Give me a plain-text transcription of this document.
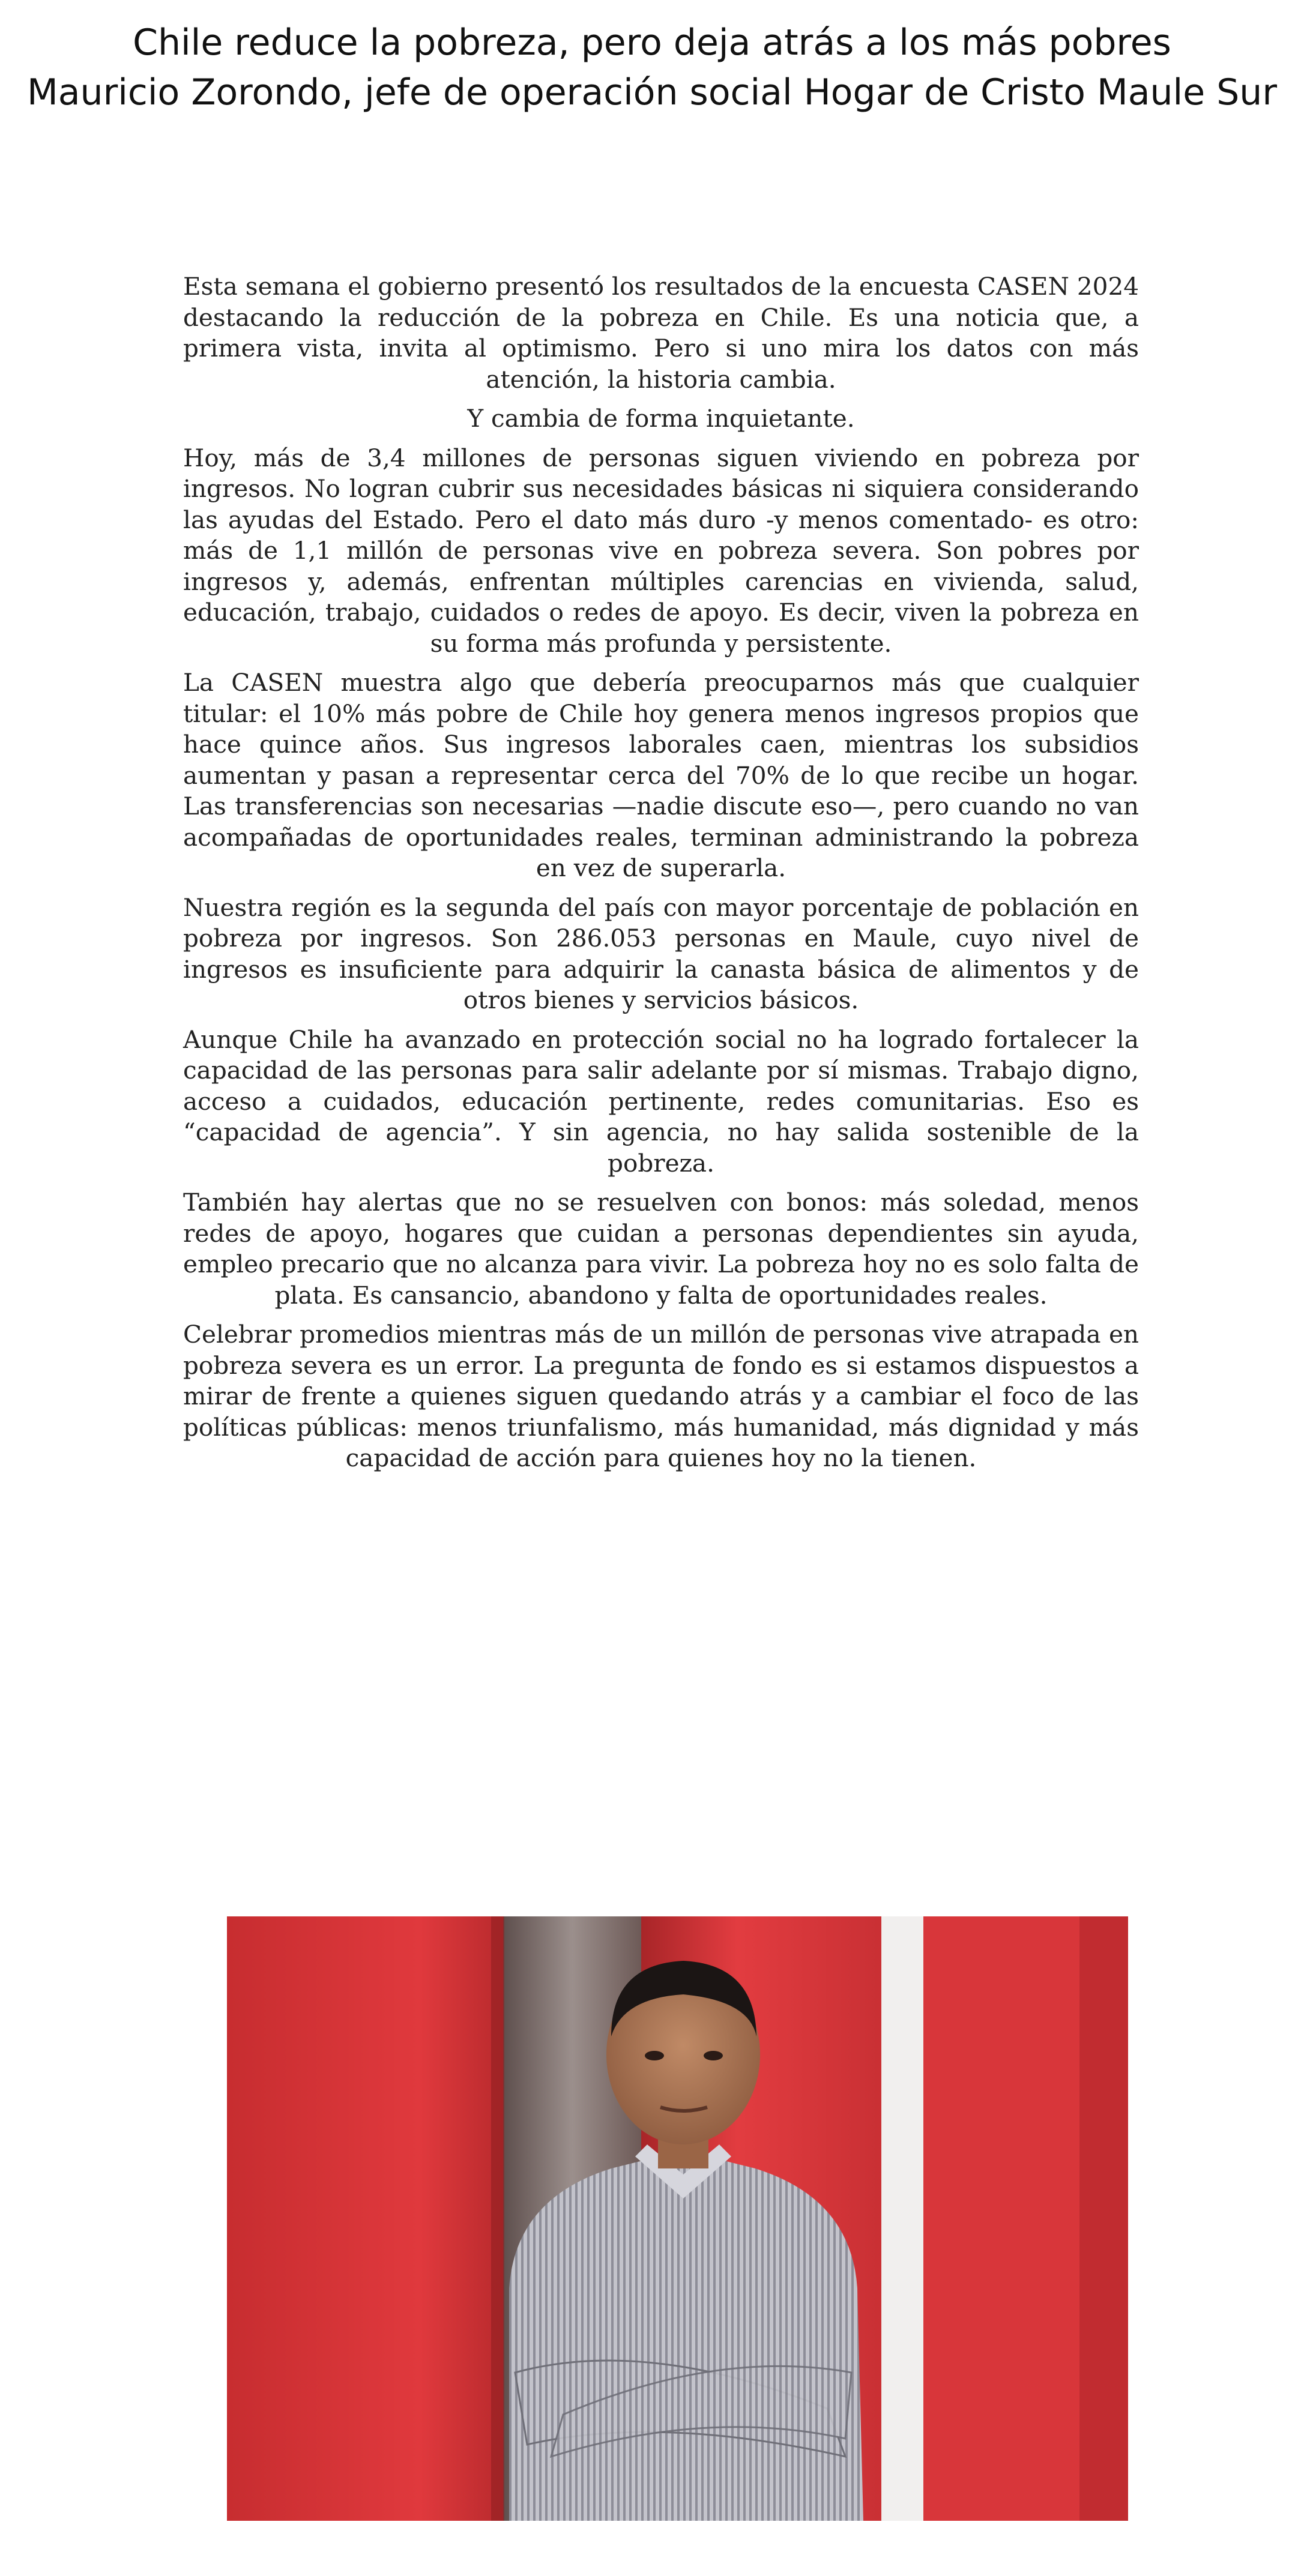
Chile reduce la pobreza, pero deja atrás a los más pobres
Mauricio Zorondo, jefe de operación social Hogar de Cristo Maule Sur

Esta semana el gobierno presentó los resultados de la encuesta CASEN 2024 destacando la reducción de la pobreza en Chile. Es una noticia que, a primera vista, invita al optimismo. Pero si uno mira los datos con más atención, la historia cambia.

Y cambia de forma inquietante.

Hoy, más de 3,4 millones de personas siguen viviendo en pobreza por ingresos. No logran cubrir sus necesidades básicas ni siquiera considerando las ayudas del Estado. Pero el dato más duro -y menos comentado- es otro: más de 1,1 millón de personas vive en pobreza severa. Son pobres por ingresos y, además, enfrentan múltiples carencias en vivienda, salud, educación, trabajo, cuidados o redes de apoyo. Es decir, viven la pobreza en su forma más profunda y persistente.

La CASEN muestra algo que debería preocuparnos más que cualquier titular: el 10% más pobre de Chile hoy genera menos ingresos propios que hace quince años. Sus ingresos laborales caen, mientras los subsidios aumentan y pasan a representar cerca del 70% de lo que recibe un hogar. Las transferencias son necesarias —nadie discute eso—, pero cuando no van acompañadas de oportunidades reales, terminan administrando la pobreza en vez de superarla.

Nuestra región es la segunda del país con mayor porcentaje de población en pobreza por ingresos. Son 286.053 personas en Maule, cuyo nivel de ingresos es insuficiente para adquirir la canasta básica de alimentos y de otros bienes y servicios básicos.

Aunque Chile ha avanzado en protección social no ha logrado fortalecer la capacidad de las personas para salir adelante por sí mismas. Trabajo digno, acceso a cuidados, educación pertinente, redes comunitarias. Eso es “capacidad de agencia”. Y sin agencia, no hay salida sostenible de la pobreza.

También hay alertas que no se resuelven con bonos: más soledad, menos redes de apoyo, hogares que cuidan a personas dependientes sin ayuda, empleo precario que no alcanza para vivir. La pobreza hoy no es solo falta de plata. Es cansancio, abandono y falta de oportunidades reales.

Celebrar promedios mientras más de un millón de personas vive atrapada en pobreza severa es un error. La pregunta de fondo es si estamos dispuestos a mirar de frente a quienes siguen quedando atrás y a cambiar el foco de las políticas públicas: menos triunfalismo, más humanidad, más dignidad y más capacidad de acción para quienes hoy no la tienen.
